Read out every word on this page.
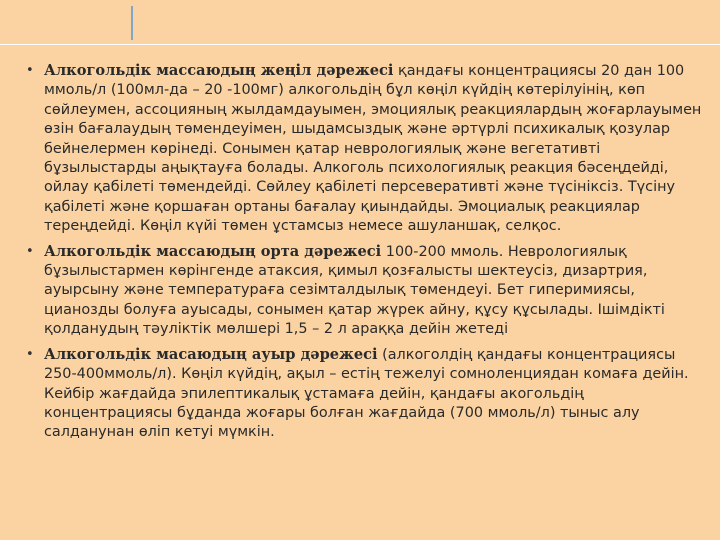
• Алкогольдік массаюдың жеңіл дәрежесі қандағы концентрациясы 20 дан 100 ммоль/л (100мл-да – 20 -100мг) алкогольдің бұл көңіл күйдің көтерілуінің, көп сөйлеумен, ассоцияның жылдамдауымен, эмоциялық реакциялардың жоғарлауымен өзін бағалаудың төмендеуімен, шыдамсыздық және әртүрлі психикалық қозулар бейнелермен көрінеді. Сонымен қатар неврологиялық және вегетативті бұзылыстарды аңықтауға болады. Алкоголь психологиялық реакция бәсеңдейді, ойлау қабілеті төмендейді. Сөйлеу қабілеті персеверативті және түсініксіз. Түсіну қабілеті және қоршаған ортаны бағалау қиындайды. Эмоциалық реакциялар тереңдейді. Көңіл күйі төмен ұстамсыз немесе ашуланшақ, селқос.
• Алкогольдік массаюдың орта дәрежесі 100-200 ммоль. Неврологиялық бұзылыстармен көрінгенде атаксия, қимыл қозғалысты шектеусіз, дизартрия, ауырсыну және температураға сезімталдылық төмендеуі. Бет гиперимиясы, цианозды болуға ауысады, сонымен қатар жүрек айну, құсу құсылады. Ішімдікті қолданудың тәуліктік мөлшері 1,5 – 2 л араққа дейін жетеді
• Алкогольдік масаюдың ауыр дәрежесі (алкоголдің қандағы концентрациясы 250-400ммоль/л). Көңіл күйдің, ақыл – естің тежелуі сомноленциядан комаға дейін. Кейбір жағдайда эпилептикалық ұстамаға дейін, қандағы акогольдің концентрациясы бұданда жоғары болған жағдайда (700 ммоль/л) тыныс алу салданунан өліп кетуі мүмкін.
